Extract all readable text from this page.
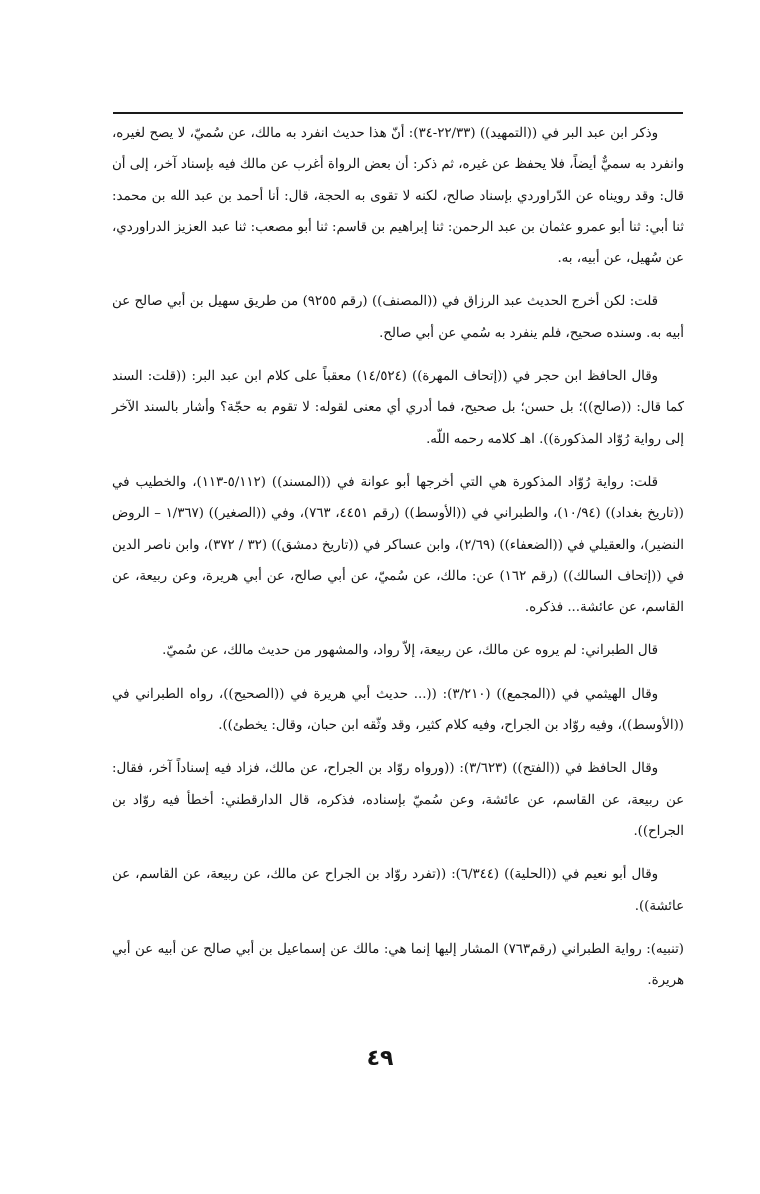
وذكر ابن عبد البر في ((التمهيد)) (٢٢/٣٣-٣٤): أنّ هذا حديث انفرد به مالك، عن سُميّ، لا يصح لغيره، وانفرد به سميٌّ أيضاً، فلا يحفظ عن غيره، ثم ذكر: أن بعض الرواة أغرب عن مالك فيه بإسناد آخر، إلى أن قال: وقد رويناه عن الدّراوردي بإسناد صالح، لكنه لا تقوى به الحجة، قال: أنا أحمد بن عبد الله بن محمد: ثنا أبي: ثنا أبو عمرو عثمان بن عبد الرحمن: ثنا إبراهيم بن قاسم: ثنا أبو مصعب: ثنا عبد العزيز الدراوردي، عن سُهيل، عن أبيه، به.

قلت: لكن أخرج الحديث عبد الرزاق في ((المصنف)) (رقم ٩٢٥٥) من طريق سهيل بن أبي صالح عن أبيه به. وسنده صحيح، فلم ينفرد به سُمي عن أبي صالح.

وقال الحافظ ابن حجر في ((إتحاف المهرة)) (١٤/٥٢٤) معقباً على كلام ابن عبد البر: ((قلت: السند كما قال: ((صالح))؛ بل حسن؛ بل صحيح، فما أدري أي معنى لقوله: لا تقوم به حجّة؟ وأشار بالسند الآخر إلى رواية رُوّاد المذكورة)). اهـ كلامه رحمه اللّه.

قلت: رواية رُوّاد المذكورة هي التي أخرجها أبو عوانة في ((المسند)) (٥/١١٢-١١٣)، والخطيب في ((تاريخ بغداد)) (١٠/٩٤)، والطبراني في ((الأوسط)) (رقم ٤٤٥١، ٧٦٣)، وفي ((الصغير)) (١/٣٦٧ – الروض النضير)، والعقيلي في ((الضعفاء)) (٢/٦٩)، وابن عساكر في ((تاريخ دمشق)) (٣٢ / ٣٧٢)، وابن ناصر الدين في ((إتحاف السالك)) (رقم ١٦٢) عن: مالك، عن سُميّ، عن أبي صالح، عن أبي هريرة، وعن ربيعة، عن القاسم، عن عائشة... فذكره.

قال الطبراني: لم يروه عن مالك، عن ربيعة، إلاّ رواد، والمشهور من حديث مالك، عن سُميّ.

وقال الهيثمي في ((المجمع)) (٣/٢١٠): ((... حديث أبي هريرة في ((الصحيح))، رواه الطبراني في ((الأوسط))، وفيه روّاد بن الجراح، وفيه كلام كثير، وقد وثّقه ابن حبان، وقال: يخطئ)).

وقال الحافظ في ((الفتح)) (٣/٦٢٣): ((ورواه روّاد بن الجراح، عن مالك، فزاد فيه إسناداً آخر، فقال: عن ربيعة، عن القاسم، عن عائشة، وعن سُميّ بإسناده، فذكره، قال الدارقطني: أخطأ فيه روّاد بن الجراح)).

وقال أبو نعيم في ((الحلية)) (٦/٣٤٤): ((تفرد روّاد بن الجراح عن مالك، عن ربيعة، عن القاسم، عن عائشة)).

(تنبيه): رواية الطبراني (رقم٧٦٣) المشار إليها إنما هي: مالك عن إسماعيل بن أبي صالح عن أبيه عن أبي هريرة.

٤٩
